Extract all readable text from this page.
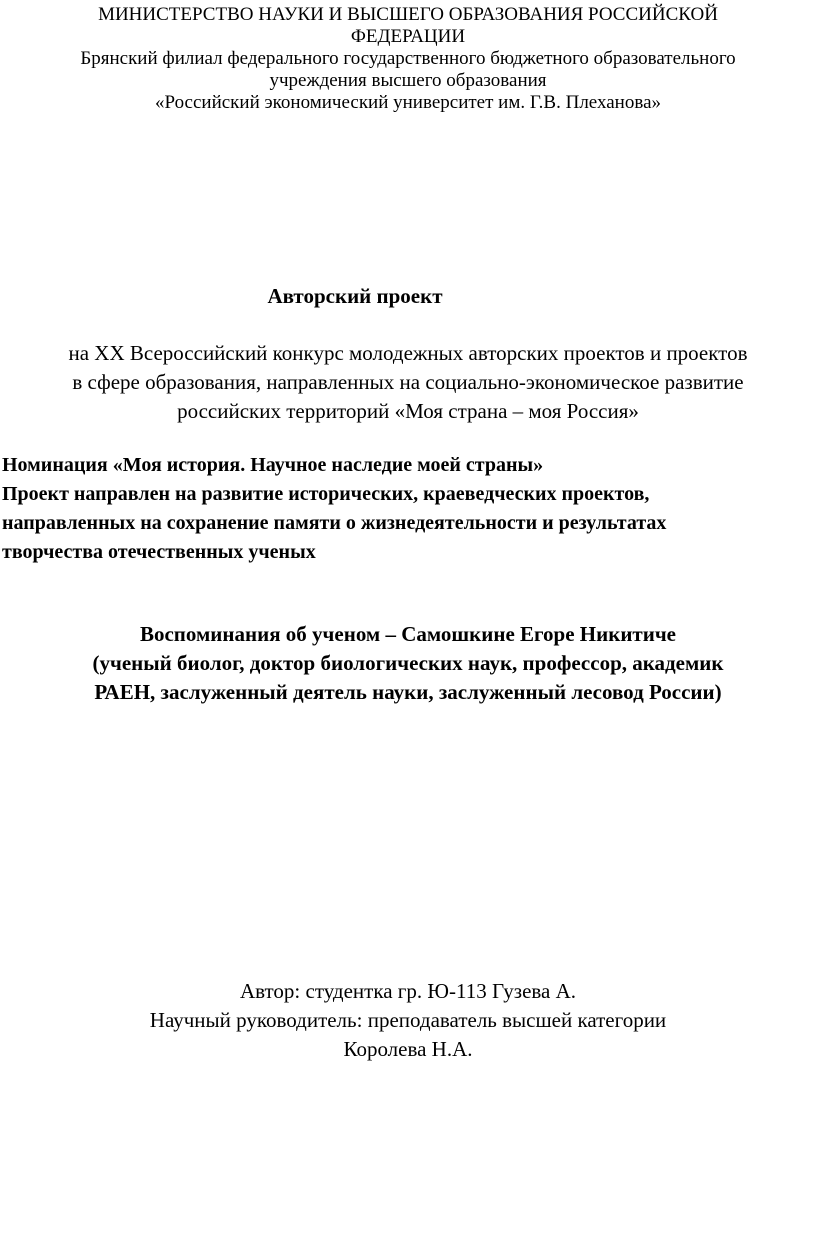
МИНИСТЕРСТВО НАУКИ И ВЫСШЕГО ОБРАЗОВАНИЯ РОССИЙСКОЙ
ФЕДЕРАЦИИ
Брянский филиал федерального государственного бюджетного образовательного
учреждения высшего образования
«Российский экономический университет им. Г.В. Плеханова»
Авторский проект
на XX Всероссийский конкурс молодежных авторских проектов и проектов
в сфере образования, направленных на социально-экономическое развитие
российских территорий «Моя страна – моя Россия»
Номинация «Моя история. Научное наследие моей страны»
Проект направлен на развитие исторических, краеведческих проектов,
направленных на сохранение памяти о жизнедеятельности и результатах
творчества отечественных ученых
Воспоминания об ученом – Самошкине Егоре Никитиче
(ученый биолог, доктор биологических наук, профессор, академик
РАЕН, заслуженный деятель науки, заслуженный лесовод России)
Автор: студентка гр. Ю-113 Гузева А.
Научный руководитель: преподаватель высшей категории
Королева Н.А.
